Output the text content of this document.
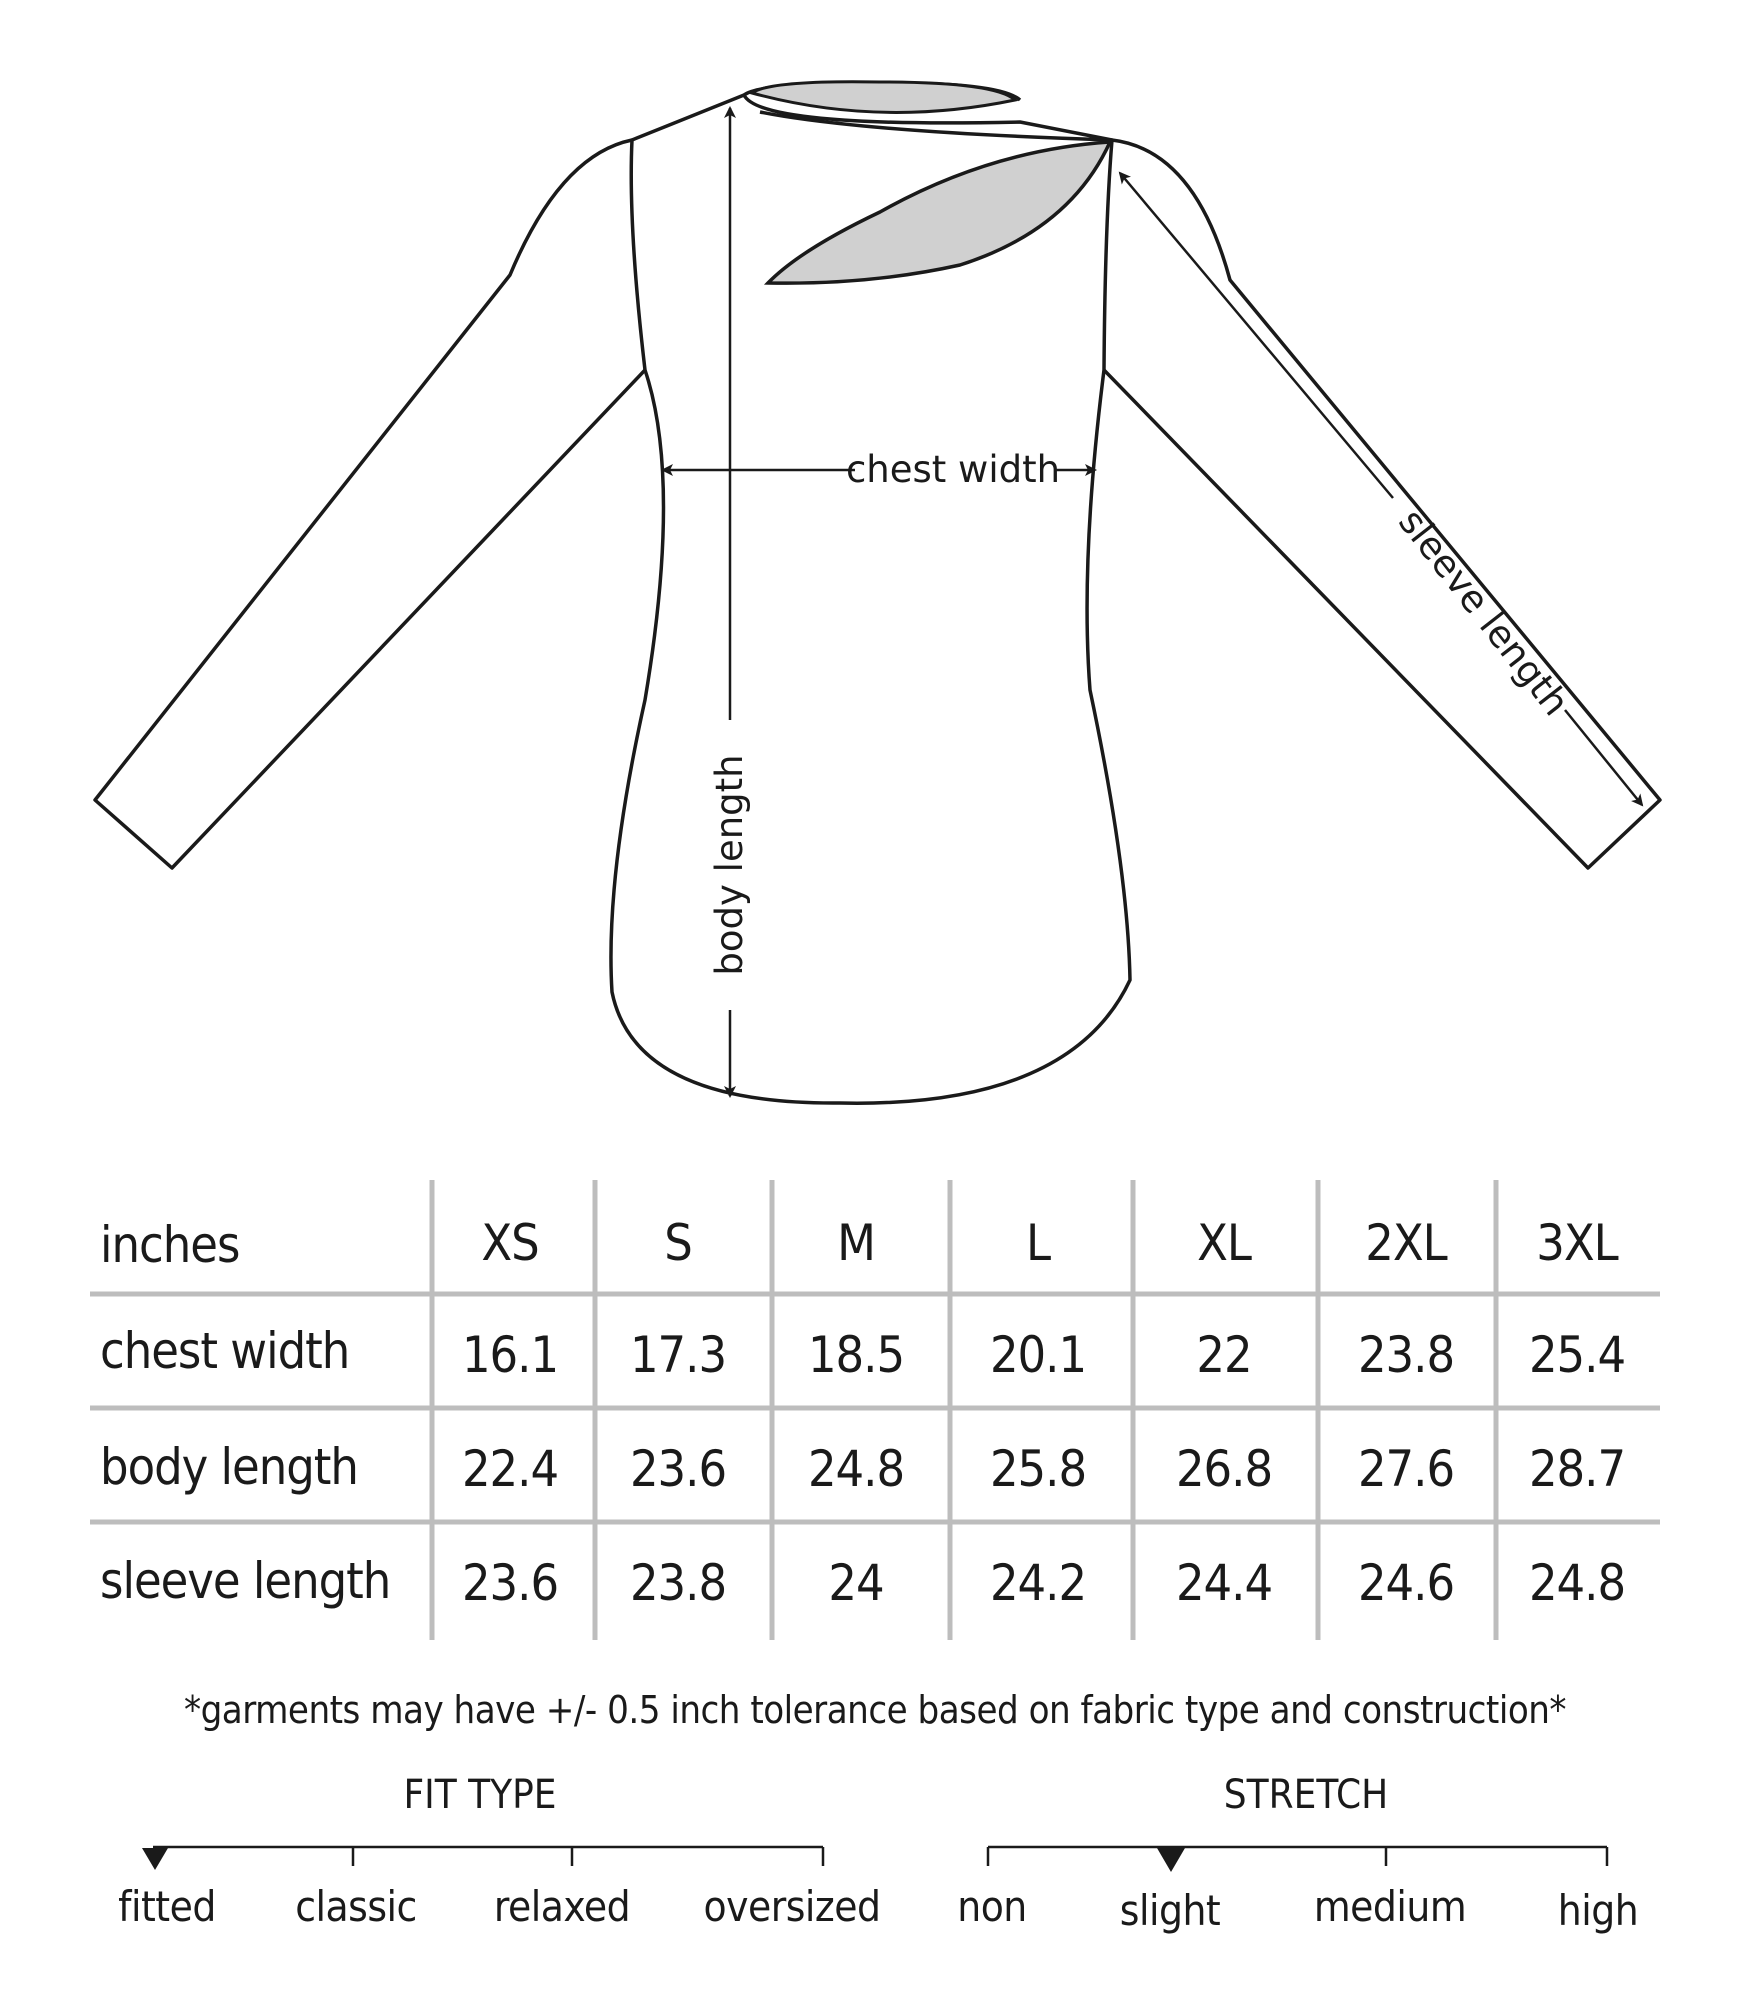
chest width
body length
sleeve length
inches	XS	S	M	L	XL 2XL 3XL
chest width 16.1 17.3 18.5 20.1 22 23.8 25.4
body length 22.4 23.6 24.8 25.8 26.8 27.6 28.7
sleeve length 23.6 23.8 24 24.2 24.4 24.6 24.8
*garments may have +/- 0.5 inch tolerance based on fabric type and construction*
FIT TYPE
fitted classic relaxed oversized
STRETCH
non slight medium high
